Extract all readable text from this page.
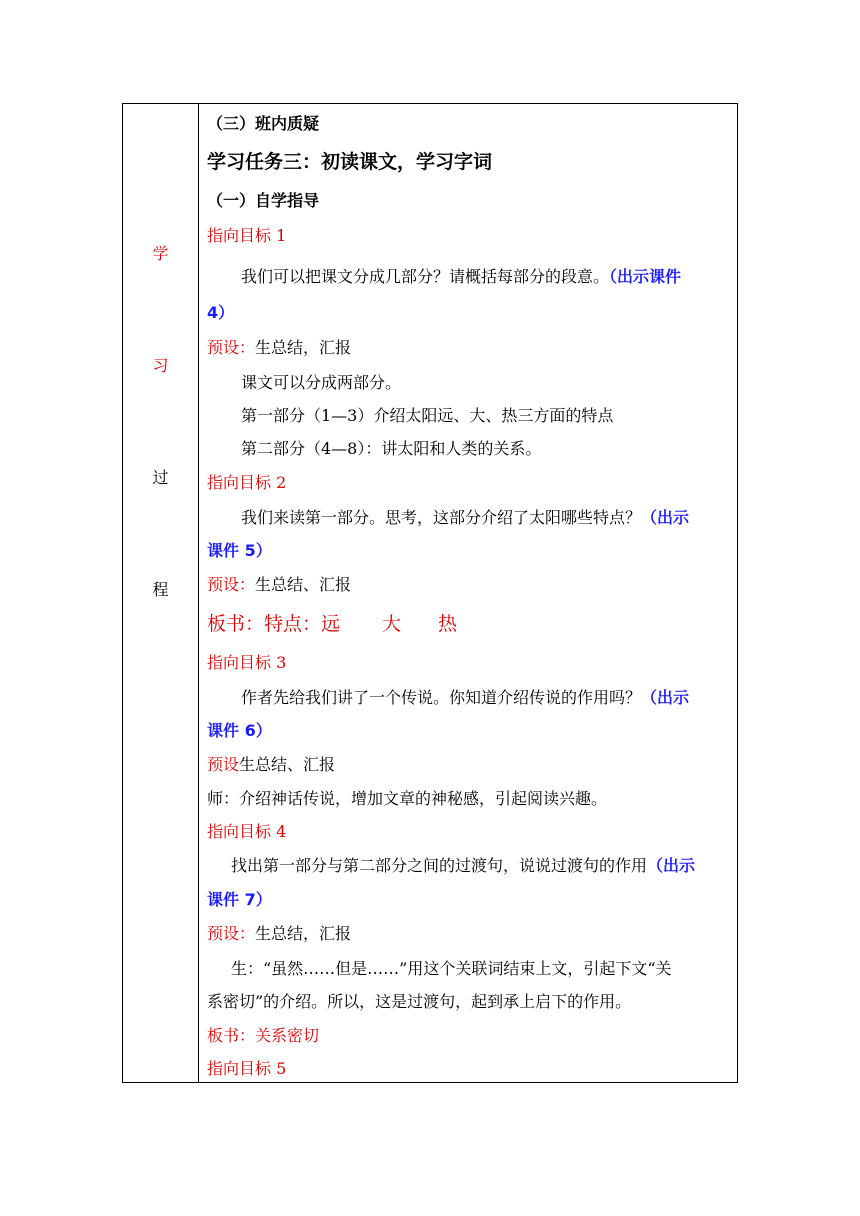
学
习
过
程
（三）班内质疑
学习任务三：初读课文，学习字词
（一）自学指导
指向目标 1
我们可以把课文分成几部分？请概括每部分的段意。（出示课件
4）
预设：生总结，汇报
课文可以分成两部分。
第一部分（1—3）介绍太阳远、大、热三方面的特点
第二部分（4—8）：讲太阳和人类的关系。
指向目标 2
我们来读第一部分。思考，这部分介绍了太阳哪些特点？（出示
课件 5）
预设：生总结、汇报
板书：特点：远 大 热
指向目标 3
作者先给我们讲了一个传说。你知道介绍传说的作用吗？（出示
课件 6）
预设生总结、汇报
师：介绍神话传说，增加文章的神秘感，引起阅读兴趣。
指向目标 4
找出第一部分与第二部分之间的过渡句，说说过渡句的作用（出示
课件 7）
预设：生总结，汇报
生：“虽然……但是……”用这个关联词结束上文，引起下文“关
系密切”的介绍。所以，这是过渡句，起到承上启下的作用。
板书：关系密切
指向目标 5
